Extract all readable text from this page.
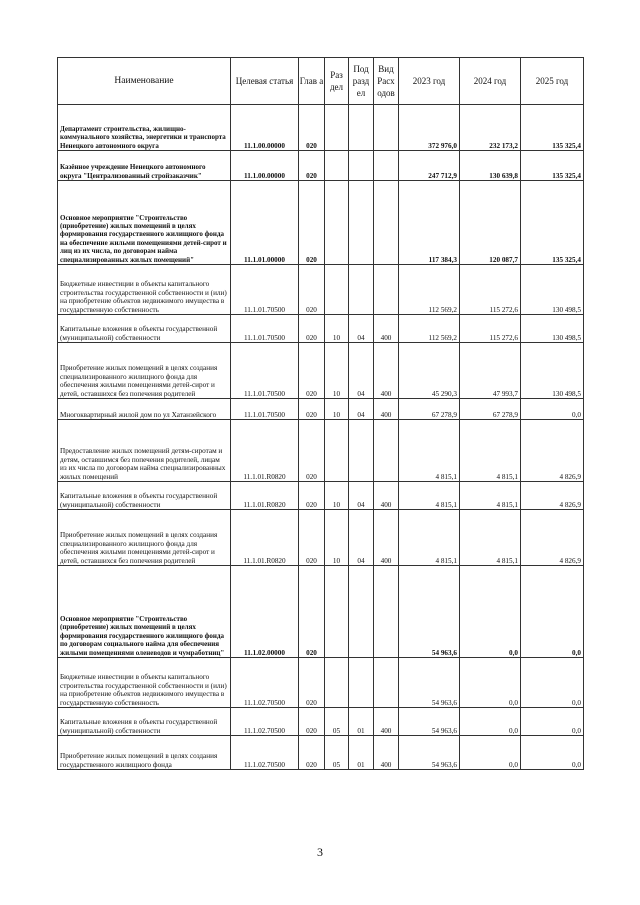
Наименование	Целевая статья	Глав а	Раз дел	Под разд ел	Вид Расх одов	2023 год	2024 год	2025 год
Департамент строительства, жилищно-коммунального хозяйства, энергетики и транспорта Ненецкого автономного округа	11.1.00.00000	020				372 976,0	232 173,2	135 325,4
Казённое учреждение Ненецкого автономного округа "Централизованный стройзаказчик"	11.1.00.00000	020				247 712,9	130 639,8	135 325,4
Основное мероприятие "Строительство (приобретение) жилых помещений в целях формирования государственного жилищного фонда на обеспечение жильми помещениями детей-сирот и лиц из их числа, по договорам найма специализированных жилых помещений"	11.1.01.00000	020				117 384,3	120 087,7	135 325,4
Бюджетные инвестиции в объекты капитального строительства государственной собственности и (или) на приобретение объектов недвижимого имущества в государственную собственность	11.1.01.70500	020				112 569,2	115 272,6	130 498,5
Капитальные вложения в объекты государственной (муниципальной) собственности	11.1.01.70500	020	10	04	400	112 569,2	115 272,6	130 498,5
Приобретение жилых помещений в целях создания специализированного жилищного фонда для обеспечения жилыми помещениями детей-сирот и детей, оставшихся без попечения родителей	11.1.01.70500	020	10	04	400	45 290,3	47 993,7	130 498,5
Многоквартирный жилой дом по ул Хатанзейского	11.1.01.70500	020	10	04	400	67 278,9	67 278,9	0,0
Предоставление жилых помещений детям-сиротам и детям, оставшимся без попечения родителей, лицам из их числа по договорам найма специализированных жилых помещений	11.1.01.R0820	020				4 815,1	4 815,1	4 826,9
Капитальные вложения в объекты государственной (муниципальной) собственности	11.1.01.R0820	020	10	04	400	4 815,1	4 815,1	4 826,9
Приобретение жилых помещений в целях создания специализированного жилищного фонда для обеспечения жилыми помещениями детей-сирот и детей, оставшихся без попечения родителей	11.1.01.R0820	020	10	04	400	4 815,1	4 815,1	4 826,9
Основное мероприятие "Строительство (приобретение) жилых помещений в целях формирования государственного жилищного фонда по договорам социального найма для обеспечения жилыми помещениями оленеводов и чумработниц"	11.1.02.00000	020				54 963,6	0,0	0,0
Бюджетные инвестиции в объекты капитального строительства государственной собственности и (или) на приобретение объектов недвижимого имущества в государственную собственность	11.1.02.70500	020				54 963,6	0,0	0,0
Капитальные вложения в объекты государственной (муниципальной) собственности	11.1.02.70500	020	05	01	400	54 963,6	0,0	0,0
Приобретение жилых помещений в целях создания государственного жилищного фонда	11.1.02.70500	020	05	01	400	54 963,6	0,0	0,0
3
